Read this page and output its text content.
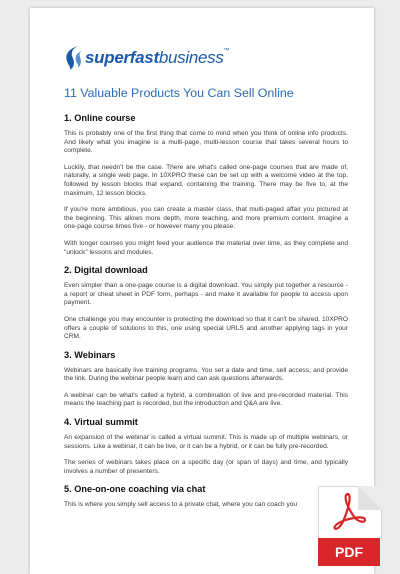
superfastbusiness™
11 Valuable Products You Can Sell Online
1. Online course

This is probably one of the first thing that come to mind when you think of online info products. And likely what you imagine is a multi-page, multi-lesson course that takes several hours to complete.

Luckily, that needn't be the case. There are what's called one-page courses that are made of, naturally, a single web page. In 10XPRO these can be set up with a welcome video at the top, followed by lesson blocks that expand, containing the training. There may be five to, at the maximum, 12 lesson blocks.

If you're more ambitious, you can create a master class, that multi-paged affair you pictured at the beginning. This allows more depth, more teaching, and more premium content. Imagine a one-page course times five - or however many you please.

With longer courses you might feed your audience the material over time, as they complete and "unlock" lessons and modules.

2. Digital download

Even simpler than a one-page course is a digital download. You simply put together a resource - a report or cheat sheet in PDF form, perhaps - and make it available for people to access upon payment.

One challenge you may encounter is protecting the download so that it can't be shared. 10XPRO offers a couple of solutions to this, one using special URLS and another applying tags in your CRM.

3. Webinars

Webinars are basically live training programs. You set a date and time, sell access, and provide the link. During the webinar people learn and can ask questions afterwards.

A webinar can be what's called a hybrid, a combination of live and pre-recorded material. This means the teaching part is recorded, but the introduction and Q&A are live.

4. Virtual summit

An expansion of the webinar is called a virtual summit. This is made up of multiple webinars, or sessions. Like a webinar, it can be live, or it can be a hybrid, or it can be fully pre-recorded.

The series of webinars takes place on a specific day (or span of days) and time, and typically involves a number of presenters.

5. One-on-one coaching via chat

This is where you simply sell access to a private chat, where you can coach you

PDF
